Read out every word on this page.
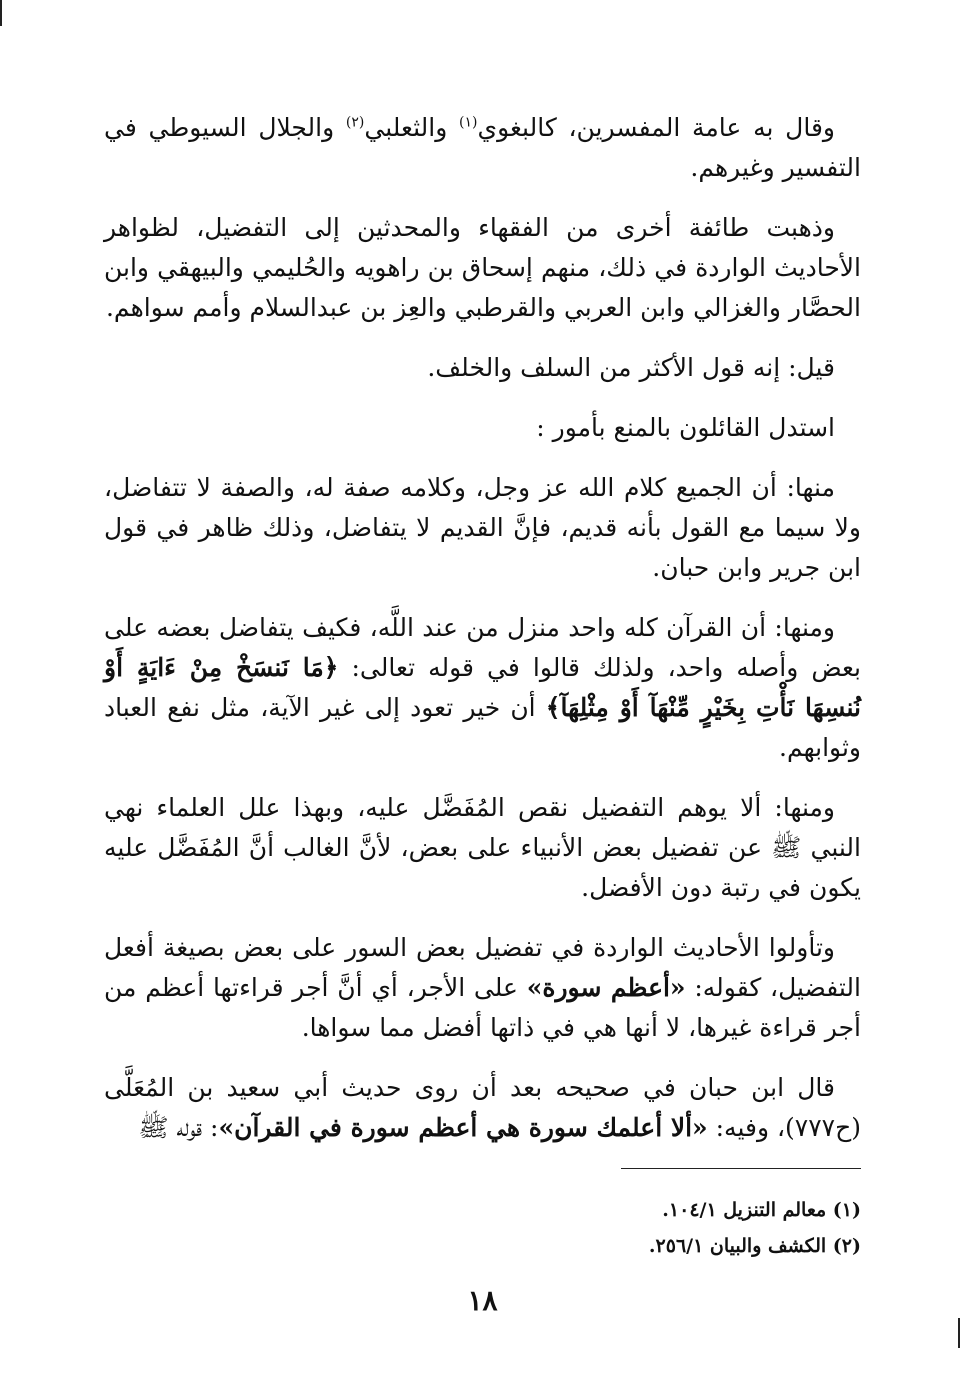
وقال به عامة المفسرين، كالبغوي$^{(١)}$ والثعلبي$^{(٢)}$ والجلال السيوطي في التفسير وغيرهم.

وذهبت طائفة أخرى من الفقهاء والمحدثين إلى التفضيل، لظواهر الأحاديث الواردة في ذلك، منهم إسحاق بن راهويه والحُليمي والبيهقي وابن الحصَّار والغزالي وابن العربي والقرطبي والعِز بن عبدالسلام وأمم سواهم.

قيل: إنه قول الأكثر من السلف والخلف.

استدل القائلون بالمنع بأمور :

منها: أن الجميع كلام الله عز وجل، وكلامه صفة له، والصفة لا تتفاضل، ولا سيما مع القول بأنه قديم، فإنَّ القديم لا يتفاضل، وذلك ظاهر في قول ابن جرير وابن حبان.

ومنها: أن القرآن كله واحد منزل من عند اللَّه، فكيف يتفاضل بعضه على بعض وأصله واحد، ولذلك قالوا في قوله تعالى: ﴿مَا نَنسَخْ مِنْ ءَايَةٍ أَوْ نُنسِهَا نَأْتِ بِخَيْرٍ مِّنْهَآ أَوْ مِثْلِهَآ﴾ أن خير تعود إلى غير الآية، مثل نفع العباد وثوابهم.

ومنها: ألا يوهم التفضيل نقص المُفَضَّل عليه، وبهذا علل العلماء نهي النبي ﷺ عن تفضيل بعض الأنبياء على بعض، لأنَّ الغالب أنَّ المُفَضَّل عليه يكون في رتبة دون الأفضل.

وتأولوا الأحاديث الواردة في تفضيل بعض السور على بعض بصيغة أفعل التفضيل، كقوله: «أعظم سورة» على الأجر، أي أنَّ أجر قراءتها أعظم من أجر قراءة غيرها، لا أنها هي في ذاتها أفضل مما سواها.

قال ابن حبان في صحيحه بعد أن روى حديث أبي سعيد بن المُعَلَّى (ح٧٧٧)، وفيه: «ألا أعلمك سورة هي أعظم سورة في القرآن»: قوله ﷺ

(١) معالم التنزيل ١٠٤/١.
(٢) الكشف والبيان ٢٥٦/١.
١٨
